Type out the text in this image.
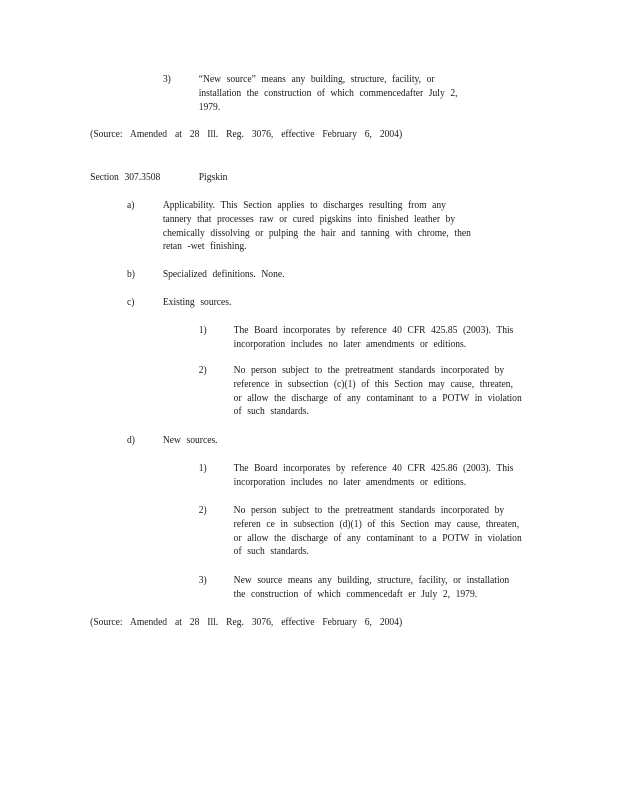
3)	“New source” means any building, structure, facility, or
installation the construction of which commencedafter July 2,
1979.
(Source: Amended at 28 Ill. Reg. 3076, effective February 6, 2004)
Section 307.3508	Pigskin
a)	Applicability. This Section applies to discharges resulting from any
tannery that processes raw or cured pigskins into finished leather by
chemically dissolving or pulping the hair and tanning with chrome, then
retan -wet finishing.
b)	Specialized definitions. None.
c)	Existing sources.
1)
2)	No person subject to the pretreatment standards incorporated by
reference in subsection (c)(1) of this Section may cause, threaten,
or allow the discharge of any contaminant to a POTW in violation
of such standards.
d)	New sources.
1)	The Board incorporates by reference 40 CFR 425.86 (2003). This
incorporation includes no later amendments or editions.
2)	No person subject to the pretreatment standards incorporated by
referen ce in subsection (d)(1) of this Section may cause, threaten,
or allow the discharge of any contaminant to a POTW in violation
of such standards.
3)	New source means any building, structure, facility, or installation
the construction of which commencedaft er July 2, 1979.
(Source: Amended at 28 Ill. Reg. 3076, effective February 6, 2004)
The Board incorporates by reference 40 CFR 425.85 (2003). This
incorporation includes no later amendments or editions.
